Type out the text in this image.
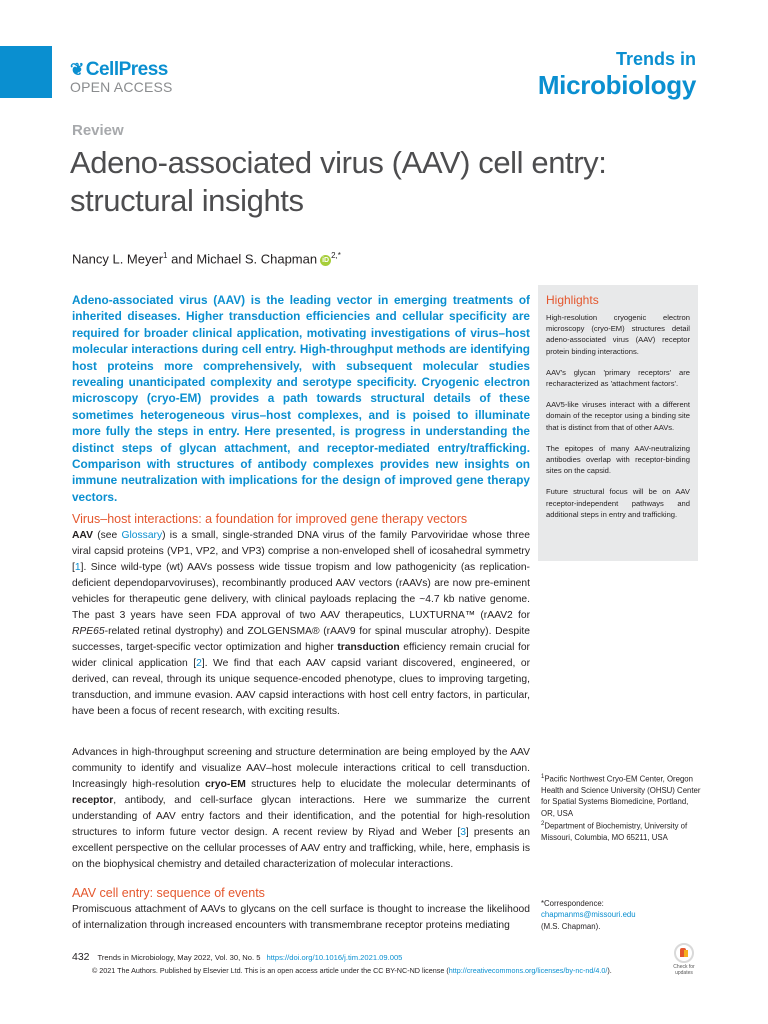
❦ CellPress
OPEN ACCESS
Trends in
Microbiology
Review
Adeno-associated virus (AAV) cell entry: structural insights
Nancy L. Meyer$^1$ and Michael S. Chapman $iD^{2,*}$

Adeno-associated virus (AAV) is the leading vector in emerging treatments of inherited diseases. Higher transduction efficiencies and cellular specificity are required for broader clinical application, motivating investigations of virus–host molecular interactions during cell entry. High-throughput methods are identifying host proteins more comprehensively, with subsequent molecular studies revealing unanticipated complexity and serotype specificity. Cryogenic electron microscopy (cryo-EM) provides a path towards structural details of these sometimes heterogeneous virus–host complexes, and is poised to illuminate more fully the steps in entry. Here presented, is progress in understanding the distinct steps of glycan attachment, and receptor-mediated entry/trafficking. Comparison with structures of antibody complexes provides new insights on immune neutralization with implications for the design of improved gene therapy vectors.

Highlights

High-resolution cryogenic electron microscopy (cryo-EM) structures detail adeno-associated virus (AAV) receptor protein binding interactions.

AAV's glycan 'primary receptors' are recharacterized as 'attachment factors'.

AAV5-like viruses interact with a different domain of the receptor using a binding site that is distinct from that of other AAVs.

The epitopes of many AAV-neutralizing antibodies overlap with receptor-binding sites on the capsid.

Future structural focus will be on AAV receptor-independent pathways and additional steps in entry and trafficking.

Virus–host interactions: a foundation for improved gene therapy vectors

AAV (see Glossary) is a small, single-stranded DNA virus of the family Parvoviridae whose three viral capsid proteins (VP1, VP2, and VP3) comprise a non-enveloped shell of icosahedral symmetry [1]. Since wild-type (wt) AAVs possess wide tissue tropism and low pathogenicity (as replication-deficient dependoparvoviruses), recombinantly produced AAV vectors (rAAVs) are now pre-eminent vehicles for therapeutic gene delivery, with clinical payloads replacing the ~4.7 kb native genome. The past 3 years have seen FDA approval of two AAV therapeutics, LUXTURNA™ (rAAV2 for RPE65-related retinal dystrophy) and ZOLGENSMA® (rAAV9 for spinal muscular atrophy). Despite successes, target-specific vector optimization and higher transduction efficiency remain crucial for wider clinical application [2]. We find that each AAV capsid variant discovered, engineered, or derived, can reveal, through its unique sequence-encoded phenotype, clues to improving targeting, transduction, and immune evasion. AAV capsid interactions with host cell entry factors, in particular, have been a focus of recent research, with exciting results.

Advances in high-throughput screening and structure determination are being employed by the AAV community to identify and visualize AAV–host molecule interactions critical to cell transduction. Increasingly high-resolution cryo-EM structures help to elucidate the molecular determinants of receptor, antibody, and cell-surface glycan interactions. Here we summarize the current understanding of AAV entry factors and their identification, and the potential for high-resolution structures to inform future vector design. A recent review by Riyad and Weber [3] presents an excellent perspective on the cellular processes of AAV entry and trafficking, while, here, emphasis is on the biophysical chemistry and detailed characterization of molecular interactions.

AAV cell entry: sequence of events

Promiscuous attachment of AAVs to glycans on the cell surface is thought to increase the likelihood of internalization through increased encounters with transmembrane receptor proteins mediating

$^1$Pacific Northwest Cryo-EM Center, Oregon Health and Science University (OHSU) Center for Spatial Systems Biomedicine, Portland, OR, USA
$^2$Department of Biochemistry, University of Missouri, Columbia, MO 65211, USA
*Correspondence:
chapmanms@missouri.edu
(M.S. Chapman).
432 Trends in Microbiology, May 2022, Vol. 30, No. 5 https://doi.org/10.1016/j.tim.2021.09.005
© 2021 The Authors. Published by Elsevier Ltd. This is an open access article under the CC BY-NC-ND license (http://creativecommons.org/licenses/by-nc-nd/4.0/).	Check for updates
